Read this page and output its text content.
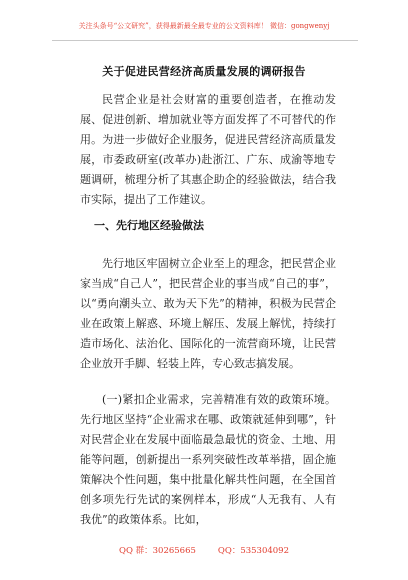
关注头条号“公文研究”，获得最新最全最专业的公文资料库！ 微信：gongwenyj
关于促进民营经济高质量发展的调研报告

民营企业是社会财富的重要创造者，在推动发展、促进创新、增加就业等方面发挥了不可替代的作用。为进一步做好企业服务，促进民营经济高质量发展，市委政研室(改革办)赴浙江、广东、成渝等地专题调研，梳理分析了其惠企助企的经验做法，结合我市实际，提出了工作建议。

一、先行地区经验做法

先行地区牢固树立企业至上的理念，把民营企业家当成“自己人”，把民营企业的事当成“自己的事”，以“勇向潮头立、敢为天下先”的精神，积极为民营企业在政策上解惑、环境上解压、发展上解忧，持续打造市场化、法治化、国际化的一流营商环境，让民营企业放开手脚、轻装上阵，专心致志搞发展。

(一)紧扣企业需求，完善精准有效的政策环境。先行地区坚持“企业需求在哪、政策就延伸到哪”，针对民营企业在发展中面临最急最忧的资金、土地、用能等问题，创新提出一系列突破性改革举措，固企施策解决个性问题，集中批量化解共性问题，在全国首创多项先行先试的案例样本，形成“人无我有、人有我优”的政策体系。比如，

QQ 群：30265665	QQ：535304092
